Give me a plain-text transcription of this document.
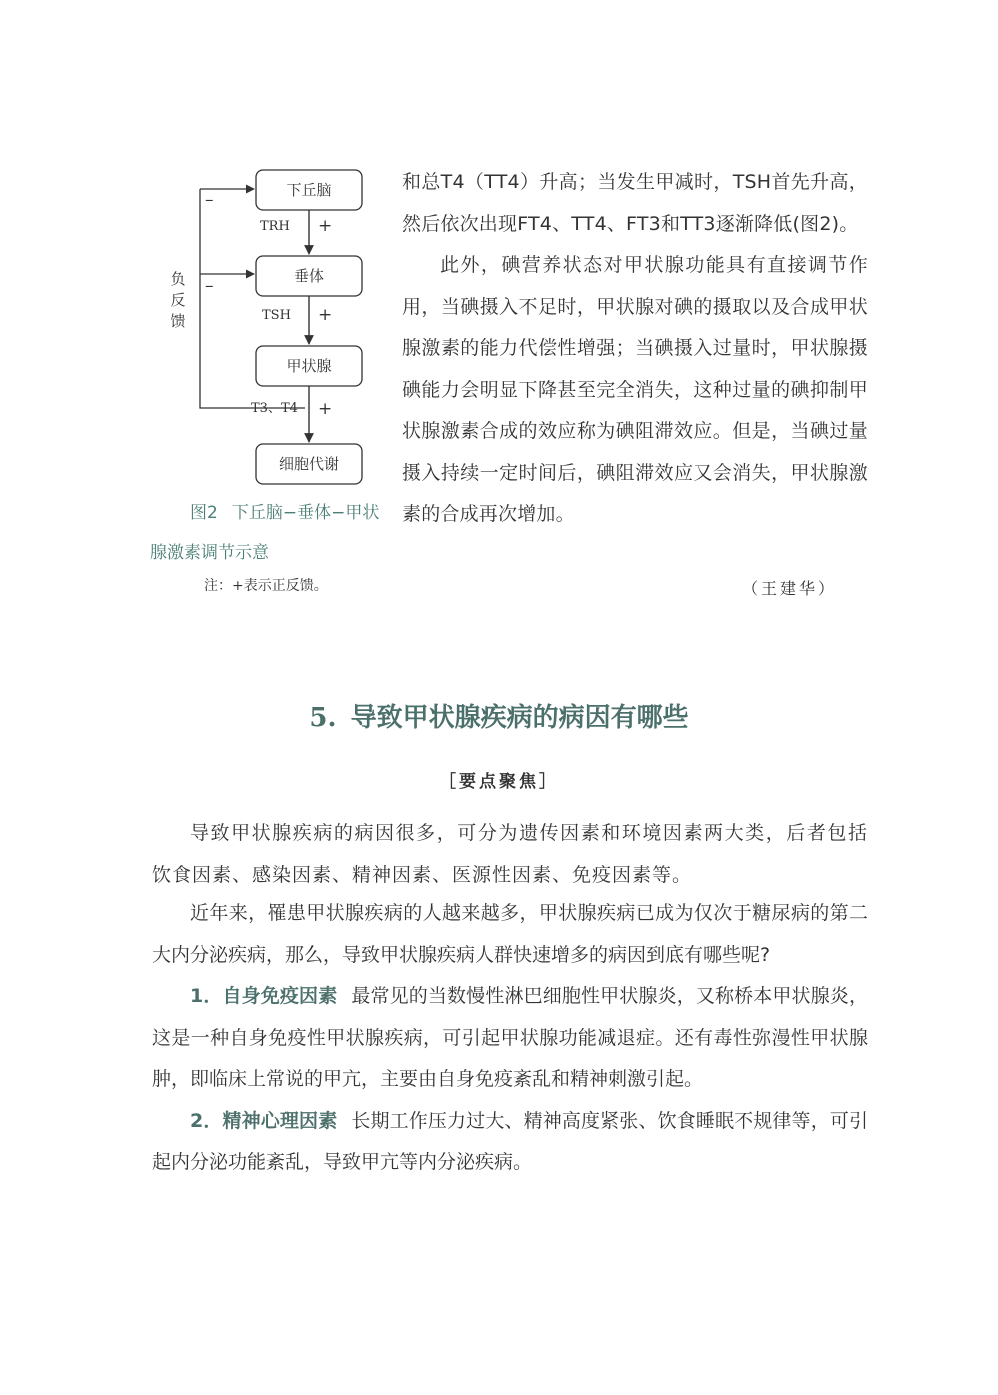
下丘脑
垂体
甲状腺
细胞代谢
TRH
TSH
T3、T4
+
+
+
–
–
负
反
馈

图2 下丘脑−垂体−甲状腺激素调节示意

注：+表示正反馈。

和总T4（TT4）升高；当发生甲减时，TSH首先升高，然后依次出现FT4、TT4、FT3和TT3逐渐降低(图2)。

此外，碘营养状态对甲状腺功能具有直接调节作用，当碘摄入不足时，甲状腺对碘的摄取以及合成甲状腺激素的能力代偿性增强；当碘摄入过量时，甲状腺摄碘能力会明显下降甚至完全消失，这种过量的碘抑制甲状腺激素合成的效应称为碘阻滞效应。但是，当碘过量摄入持续一定时间后，碘阻滞效应又会消失，甲状腺激素的合成再次增加。

（王建华）

5. 导致甲状腺疾病的病因有哪些

［要点聚焦］

导致甲状腺疾病的病因很多，可分为遗传因素和环境因素两大类，后者包括饮食因素、感染因素、精神因素、医源性因素、免疫因素等。

近年来，罹患甲状腺疾病的人越来越多，甲状腺疾病已成为仅次于糖尿病的第二大内分泌疾病，那么，导致甲状腺疾病人群快速增多的病因到底有哪些呢?

1．自身免疫因素 最常见的当数慢性淋巴细胞性甲状腺炎，又称桥本甲状腺炎，这是一种自身免疫性甲状腺疾病，可引起甲状腺功能减退症。还有毒性弥漫性甲状腺肿，即临床上常说的甲亢，主要由自身免疫紊乱和精神刺激引起。

2．精神心理因素 长期工作压力过大、精神高度紧张、饮食睡眠不规律等，可引起内分泌功能紊乱，导致甲亢等内分泌疾病。
